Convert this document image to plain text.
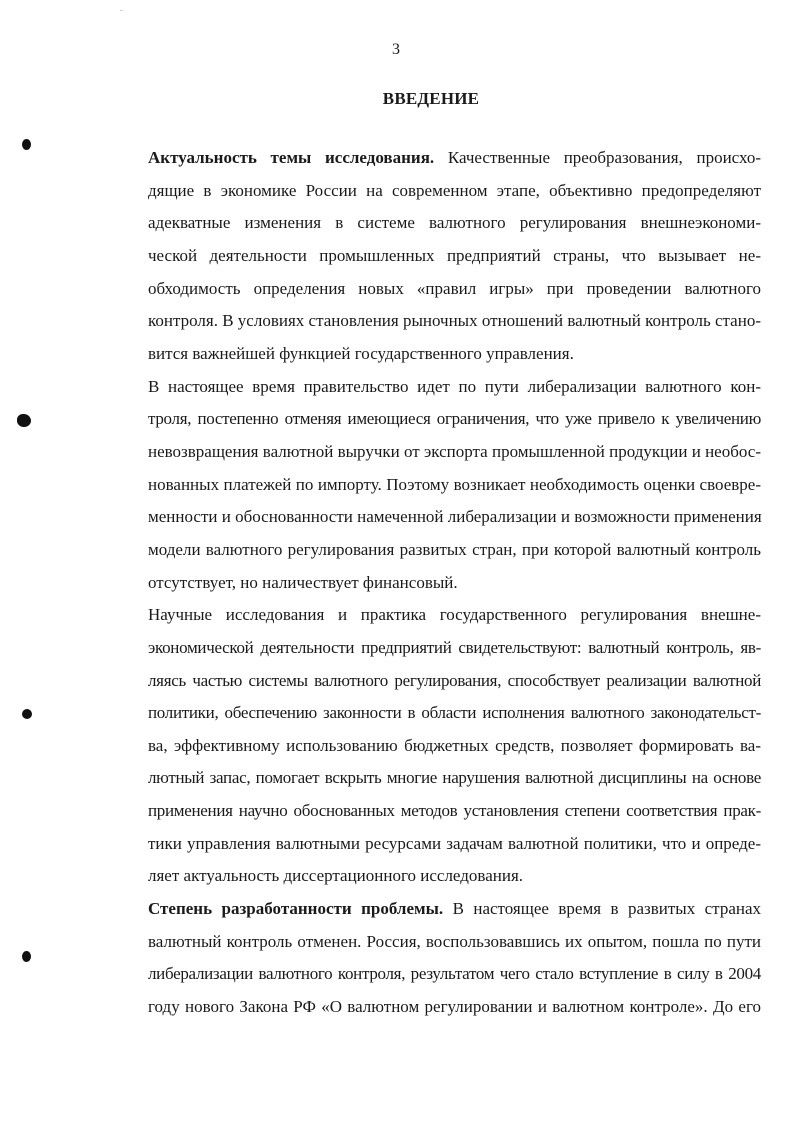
3
ВВЕДЕНИЕ

Актуальность темы исследования. Качественные преобразования, происхо-
дящие в экономике России на современном этапе, объективно предопределяют
адекватные изменения в системе валютного регулирования внешнеэкономи-
ческой деятельности промышленных предприятий страны, что вызывает не-
обходимость определения новых «правил игры» при проведении валютного
контроля. В условиях становления рыночных отношений валютный контроль стано-
вится важнейшей функцией государственного управления.

В настоящее время правительство идет по пути либерализации валютного кон-
троля, постепенно отменяя имеющиеся ограничения, что уже привело к увеличению
невозвращения валютной выручки от экспорта промышленной продукции и необос-
нованных платежей по импорту. Поэтому возникает необходимость оценки своевре-
менности и обоснованности намеченной либерализации и возможности применения
модели валютного регулирования развитых стран, при которой валютный контроль
отсутствует, но наличествует финансовый.

Научные исследования и практика государственного регулирования внешне-
экономической деятельности предприятий свидетельствуют: валютный контроль, яв-
ляясь частью системы валютного регулирования, способствует реализации валютной
политики, обеспечению законности в области исполнения валютного законодательст-
ва, эффективному использованию бюджетных средств, позволяет формировать ва-
лютный запас, помогает вскрыть многие нарушения валютной дисциплины на основе
применения научно обоснованных методов установления степени соответствия прак-
тики управления валютными ресурсами задачам валютной политики, что и опреде-
ляет актуальность диссертационного исследования.

Степень разработанности проблемы. В настоящее время в развитых странах
валютный контроль отменен. Россия, воспользовавшись их опытом, пошла по пути
либерализации валютного контроля, результатом чего стало вступление в силу в 2004
году нового Закона РФ «О валютном регулировании и валютном контроле». До его
